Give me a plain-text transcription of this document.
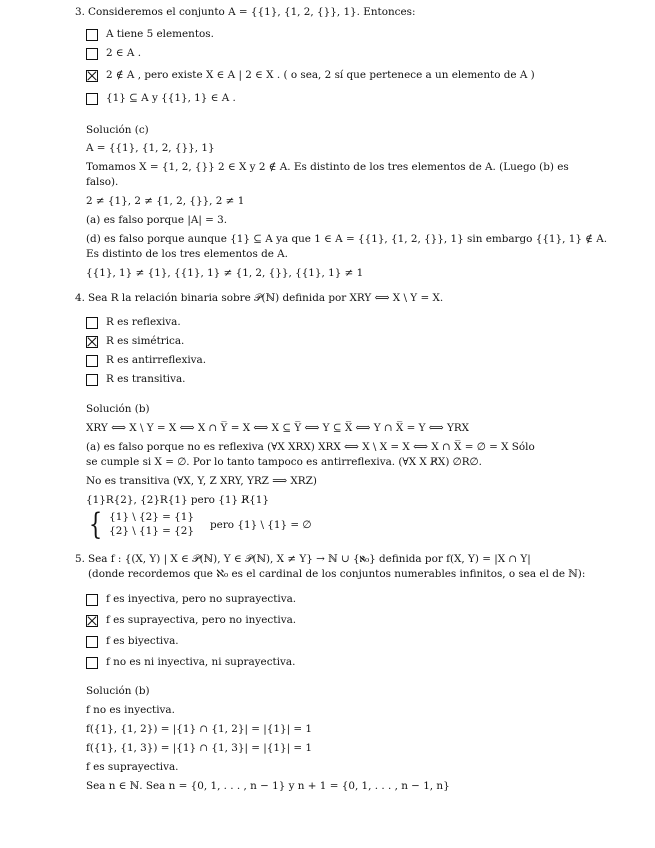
3. Consideremos el conjunto A = {{1}, {1, 2, {}}, 1}. Entonces:
A tiene 5 elementos.
2 ∈ A .
2 ∉ A , pero existe X ∈ A | 2 ∈ X . ( o sea, 2 sí que pertenece a un elemento de A )
{1} ⊆ A y {{1}, 1} ∈ A .
Solución (c)
A = {{1}, {1, 2, {}}, 1}
Tomamos X = {1, 2, {}} 2 ∈ X y 2 ∉ A. Es distinto de los tres elementos de A. (Luego (b) es
falso).
2 ≠ {1}, 2 ≠ {1, 2, {}}, 2 ≠ 1
(a) es falso porque |A| = 3.
(d) es falso porque aunque {1} ⊆ A ya que 1 ∈ A = {{1}, {1, 2, {}}, 1} sin embargo {{1}, 1} ∉ A.
Es distinto de los tres elementos de A.
{{1}, 1} ≠ {1}, {{1}, 1} ≠ {1, 2, {}}, {{1}, 1} ≠ 1
4. Sea R la relación binaria sobre 𝒫(ℕ) definida por XRY ⟺ X \ Y = X.
R es reflexiva.
R es simétrica.
R es antirreflexiva.
R es transitiva.
Solución (b)
XRY ⟺ X \ Y = X ⟺ X ∩ Y̅ = X ⟺ X ⊆ Y̅ ⟺ Y ⊆ X̅ ⟺ Y ∩ X̅ = Y ⟺ YRX
(a) es falso porque no es reflexiva (∀X XRX) XRX ⟺ X \ X = X ⟺ X ∩ X̅ = ∅ = X Sólo
se cumple si X = ∅. Por lo tanto tampoco es antirreflexiva. (∀X X R̸X) ∅R∅.
No es transitiva (∀X, Y, Z XRY, YRZ ⟹ XRZ)
{1}R{2}, {2}R{1} pero {1} R̸{1}
{ {1} \ {2} = {1}
{2} \ {1} = {2}
pero {1} \ {1} = ∅
5. Sea f : {(X, Y) | X ∈ 𝒫(ℕ), Y ∈ 𝒫(ℕ), X ≠ Y} → ℕ ∪ {ℵ₀} definida por f(X, Y) = |X ∩ Y|
(donde recordemos que ℵ₀ es el cardinal de los conjuntos numerables infinitos, o sea el de ℕ):
f es inyectiva, pero no suprayectiva.
f es suprayectiva, pero no inyectiva.
f es biyectiva.
f no es ni inyectiva, ni suprayectiva.
Solución (b)
f no es inyectiva.
f({1}, {1, 2}) = |{1} ∩ {1, 2}| = |{1}| = 1
f({1}, {1, 3}) = |{1} ∩ {1, 3}| = |{1}| = 1
f es suprayectiva.
Sea n ∈ ℕ. Sea n = {0, 1, . . . , n − 1} y n + 1 = {0, 1, . . . , n − 1, n}
